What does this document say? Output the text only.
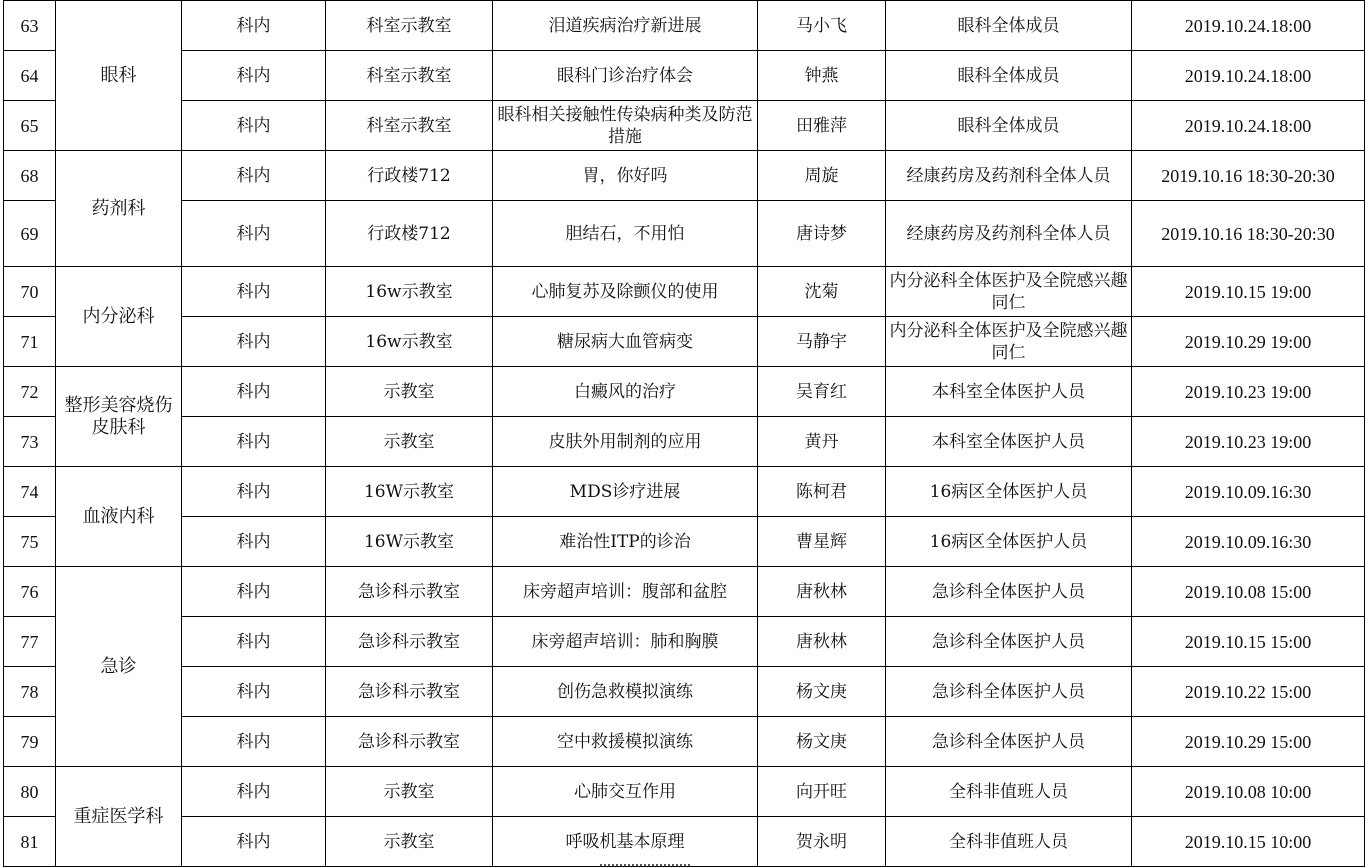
63	眼科	科内	科室示教室	泪道疾病治疗新进展	马小飞	眼科全体成员	2019.10.24.18:00
64		科内	科室示教室	眼科门诊治疗体会	钟燕	眼科全体成员	2019.10.24.18:00
65		科内	科室示教室	眼科相关接触性传染病种类及防范措施	田雅萍	眼科全体成员	2019.10.24.18:00
68	药剂科	科内	行政楼712	胃，你好吗	周旋	经康药房及药剂科全体人员	2019.10.16 18:30-20:30
69		科内	行政楼712	胆结石，不用怕	唐诗梦	经康药房及药剂科全体人员	2019.10.16 18:30-20:30
70	内分泌科	科内	16w示教室	心肺复苏及除颤仪的使用	沈菊	内分泌科全体医护及全院感兴趣同仁	2019.10.15 19:00
71		科内	16w示教室	糖尿病大血管病变	马静宇	内分泌科全体医护及全院感兴趣同仁	2019.10.29 19:00
72	整形美容烧伤皮肤科	科内	示教室	白癜风的治疗	吴育红	本科室全体医护人员	2019.10.23 19:00
73		科内	示教室	皮肤外用制剂的应用	黄丹	本科室全体医护人员	2019.10.23 19:00
74	血液内科	科内	16W示教室	MDS诊疗进展	陈柯君	16病区全体医护人员	2019.10.09.16:30
75		科内	16W示教室	难治性ITP的诊治	曹星辉	16病区全体医护人员	2019.10.09.16:30
76	急诊	科内	急诊科示教室	床旁超声培训：腹部和盆腔	唐秋林	急诊科全体医护人员	2019.10.08 15:00
77		科内	急诊科示教室	床旁超声培训：肺和胸膜	唐秋林	急诊科全体医护人员	2019.10.15 15:00
78		科内	急诊科示教室	创伤急救模拟演练	杨文庚	急诊科全体医护人员	2019.10.22 15:00
79		科内	急诊科示教室	空中救援模拟演练	杨文庚	急诊科全体医护人员	2019.10.29 15:00
80	重症医学科	科内	示教室	心肺交互作用	向开旺	全科非值班人员	2019.10.08 10:00
81		科内	示教室	呼吸机基本原理	贺永明	全科非值班人员	2019.10.15 10:00
